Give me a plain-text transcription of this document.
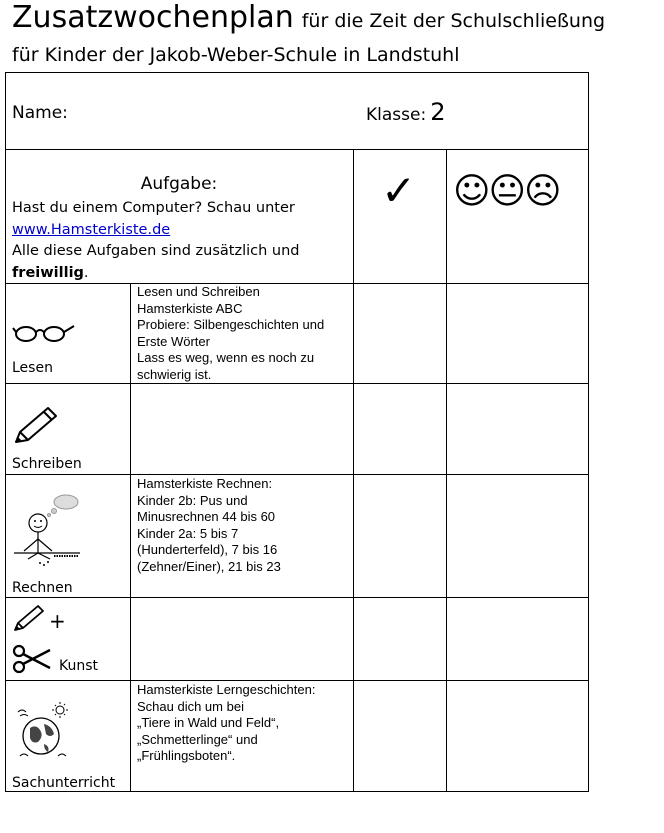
Zusatzwochenplan für die Zeit der Schulschließung
für Kinder der Jakob-Weber-Schule in Landstuhl
Name:	Klasse: 2
Aufgabe:
Hast du einem Computer? Schau unter
www.Hamsterkiste.de
Alle diese Aufgaben sind zusätzlich und
freiwillig.
✓ ☺😐☹
Lesen
Lesen und Schreiben
Hamsterkiste ABC
Probiere: Silbengeschichten und
Erste Wörter
Lass es weg, wenn es noch zu
schwierig ist.
Schreiben
Rechnen
Hamsterkiste Rechnen:
Kinder 2b: Pus und
Minusrechnen 44 bis 60
Kinder 2a: 5 bis 7
(Hunderterfeld), 7 bis 16
(Zehner/Einer), 21 bis 23
+
Kunst
Sachunterricht
Hamsterkiste Lerngeschichten:
Schau dich um bei
„Tiere in Wald und Feld“,
„Schmetterlinge“ und
„Frühlingsboten“.
